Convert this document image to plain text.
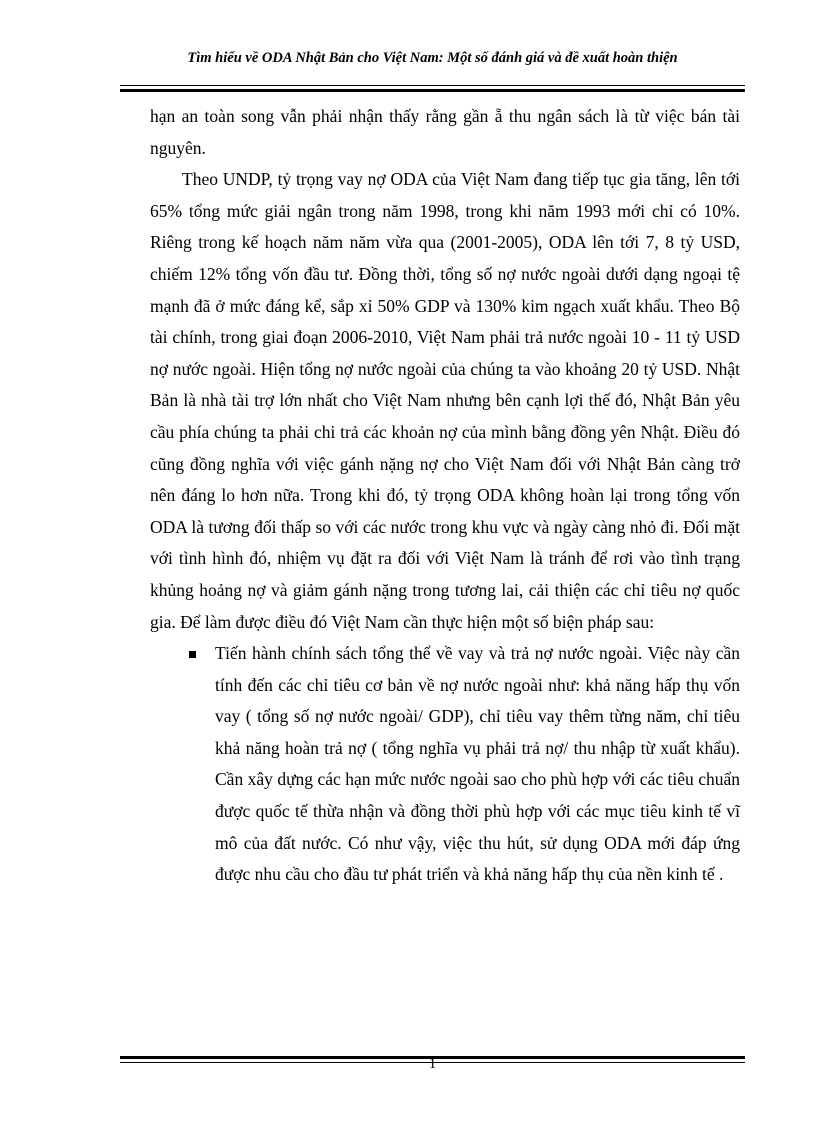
Tìm hiểu về ODA Nhật Bản cho Việt Nam: Một số đánh giá và đề xuất hoàn thiện

hạn an toàn song vẫn phải nhận thấy rằng gần ẵ thu ngân sách là từ việc bán tài nguyên.

Theo UNDP, tỷ trọng vay nợ ODA của Việt Nam đang tiếp tục gia tăng, lên tới 65% tổng mức giải ngân trong năm 1998, trong khi năm 1993 mới chỉ có 10%. Riêng trong kế hoạch năm năm vừa qua (2001-2005), ODA lên tới 7, 8 tỷ USD, chiếm 12% tổng vốn đầu tư. Đồng thời, tổng số nợ nước ngoài dưới dạng ngoại tệ mạnh đã ở mức đáng kể, sắp xỉ 50% GDP và 130% kim ngạch xuất khẩu. Theo Bộ tài chính, trong giai đoạn 2006-2010, Việt Nam phải trả nước ngoài 10 - 11 tỷ USD nợ nước ngoài. Hiện tổng nợ nước ngoài của chúng ta vào khoảng 20 tỷ USD. Nhật Bản là nhà tài trợ lớn nhất cho Việt Nam nhưng bên cạnh lợi thế đó, Nhật Bản yêu cầu phía chúng ta phải chi trả các khoản nợ của mình bằng đồng yên Nhật. Điều đó cũng đồng nghĩa với việc gánh nặng nợ cho Việt Nam đối với Nhật Bản càng trở nên đáng lo hơn nữa. Trong khi đó, tỷ trọng ODA không hoàn lại trong tổng vốn ODA là tương đối thấp so với các nước trong khu vực và ngày càng nhỏ đi. Đối mặt với tình hình đó, nhiệm vụ đặt ra đối với Việt Nam là tránh để rơi vào tình trạng khủng hoảng nợ và giảm gánh nặng trong tương lai, cải thiện các chỉ tiêu nợ quốc gia. Để làm được điều đó Việt Nam cần thực hiện một số biện pháp sau:

Tiến hành chính sách tổng thể về vay và trả nợ nước ngoài. Việc này cần tính đến các chỉ tiêu cơ bản về nợ nước ngoài như: khả năng hấp thụ vốn vay ( tổng số nợ nước ngoài/ GDP), chỉ tiêu vay thêm từng năm, chỉ tiêu khả năng hoàn trả nợ ( tổng nghĩa vụ phải trả nợ/ thu nhập từ xuất khẩu). Cần xây dựng các hạn mức nước ngoài sao cho phù hợp với các tiêu chuẩn được quốc tế thừa nhận và đồng thời phù hợp với các mục tiêu kinh tế vĩ mô của đất nước. Có như vậy, việc thu hút, sử dụng ODA mới đáp ứng được nhu cầu cho đầu tư phát triển và khả năng hấp thụ của nền kinh tế .

1
